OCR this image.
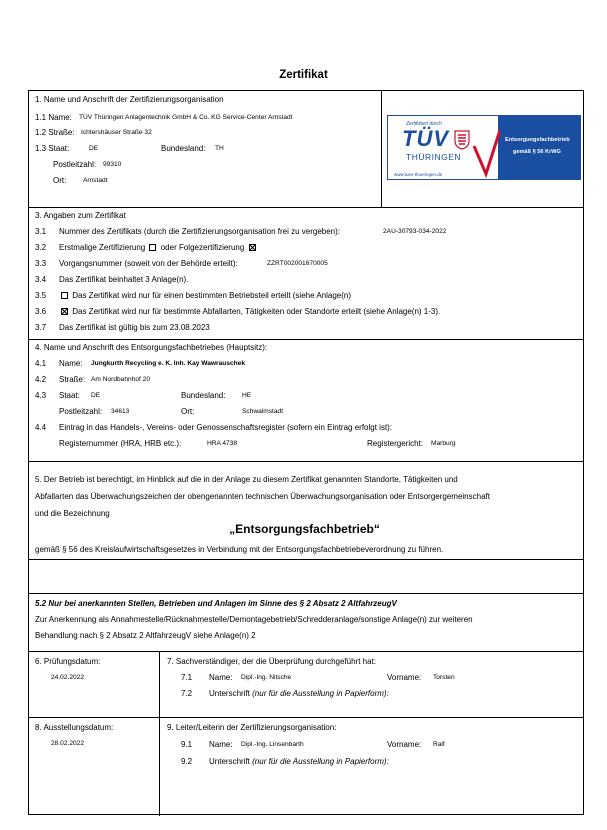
Zertifikat
1. Name und Anschrift der Zertifizierungsorganisation
1.1 Name: TÜV Thüringen Anlagentechnik GmbH & Co. KG Service-Center Arnstadt
1.2 Straße: Ichtershäuser Straße 32
1.3 Staat:	DE	Bundesland: TH
Postleitzahl: 99310
Ort:	Arnstadt
Zertifiziert durch
TÜV
THÜRINGEN
www.tuev-thueringen.de
Entsorgungsfachbetrieb
gemäß § 56 KrWG
3. Angaben zum Zertifikat
3.1 Nummer des Zertifikats (durch die Zertifizierungsorganisation frei zu vergeben):	2AU-30793-034-2022
3.2 Erstmalige Zertifizierung oder Folgezertifizierung
3.3 Vorgangsnummer (soweit von der Behörde erteilt):	ZZRT002001670005
3.4 Das Zertifikat beinhaltet 3 Anlage(n).
3.5	Das Zertifikat wird nur für einen bestimmten Betriebsteil erteilt (siehe Anlage(n)
3.6	Das Zertifikat wird nur für bestimmte Abfallarten, Tätigkeiten oder Standorte erteilt (siehe Anlage(n) 1-3).
3.7 Das Zertifikat ist gültig bis zum 23.08.2023
4. Name und Anschrift des Entsorgungsfachbetriebes (Hauptsitz):
4.1 Name: Jungkurth Recycling e. K. Inh. Kay Wawrauschek
4.2 Straße: Am Nordbahnhof 20
4.3 Staat: DE	Bundesland:	HE
Postleitzahl: 34613	Ort:	Schwalmstadt
4.4 Eintrag in das Handels-, Vereins- oder Genossenschaftsregister (sofern ein Eintrag erfolgt ist):
Registernummer (HRA, HRB etc.):	HRA 4738	Registergericht: Marburg
5. Der Betrieb ist berechtigt, im Hinblick auf die in der Anlage zu diesem Zertifikat genannten Standorte, Tätigkeiten und
Abfallarten das Überwachungszeichen der obengenannten technischen Überwachungsorganisation oder Entsorgergemeinschaft
und die Bezeichnung
„Entsorgungsfachbetrieb“
gemäß § 56 des Kreislaufwirtschaftsgesetzes in Verbindung mit der Entsorgungsfachbetriebeverordnung zu führen.
5.2 Nur bei anerkannten Stellen, Betrieben und Anlagen im Sinne des § 2 Absatz 2 AltfahrzeugV
Zur Anerkennung als Annahmestelle/Rücknahmestelle/Demontagebetrieb/Schredderanlage/sonstige Anlage(n) zur weiteren
Behandlung nach § 2 Absatz 2 AltfahrzeugV siehe Anlage(n) 2
6. Prüfungsdatum:
24.02.2022
7. Sachverständiger, der die Überprüfung durchgeführt hat:
7.1 Name: Dipl.-Ing. Nitsche	Vorname: Torsten
7.2 Unterschrift (nur für die Ausstellung in Papierform):
8. Ausstellungsdatum:
28.02.2022
9. Leiter/Leiterin der Zertifizierungsorganisation:
9.1 Name: Dipl.-Ing. Linsenbarth	Vorname: Ralf
9.2 Unterschrift (nur für die Ausstellung in Papierform):
